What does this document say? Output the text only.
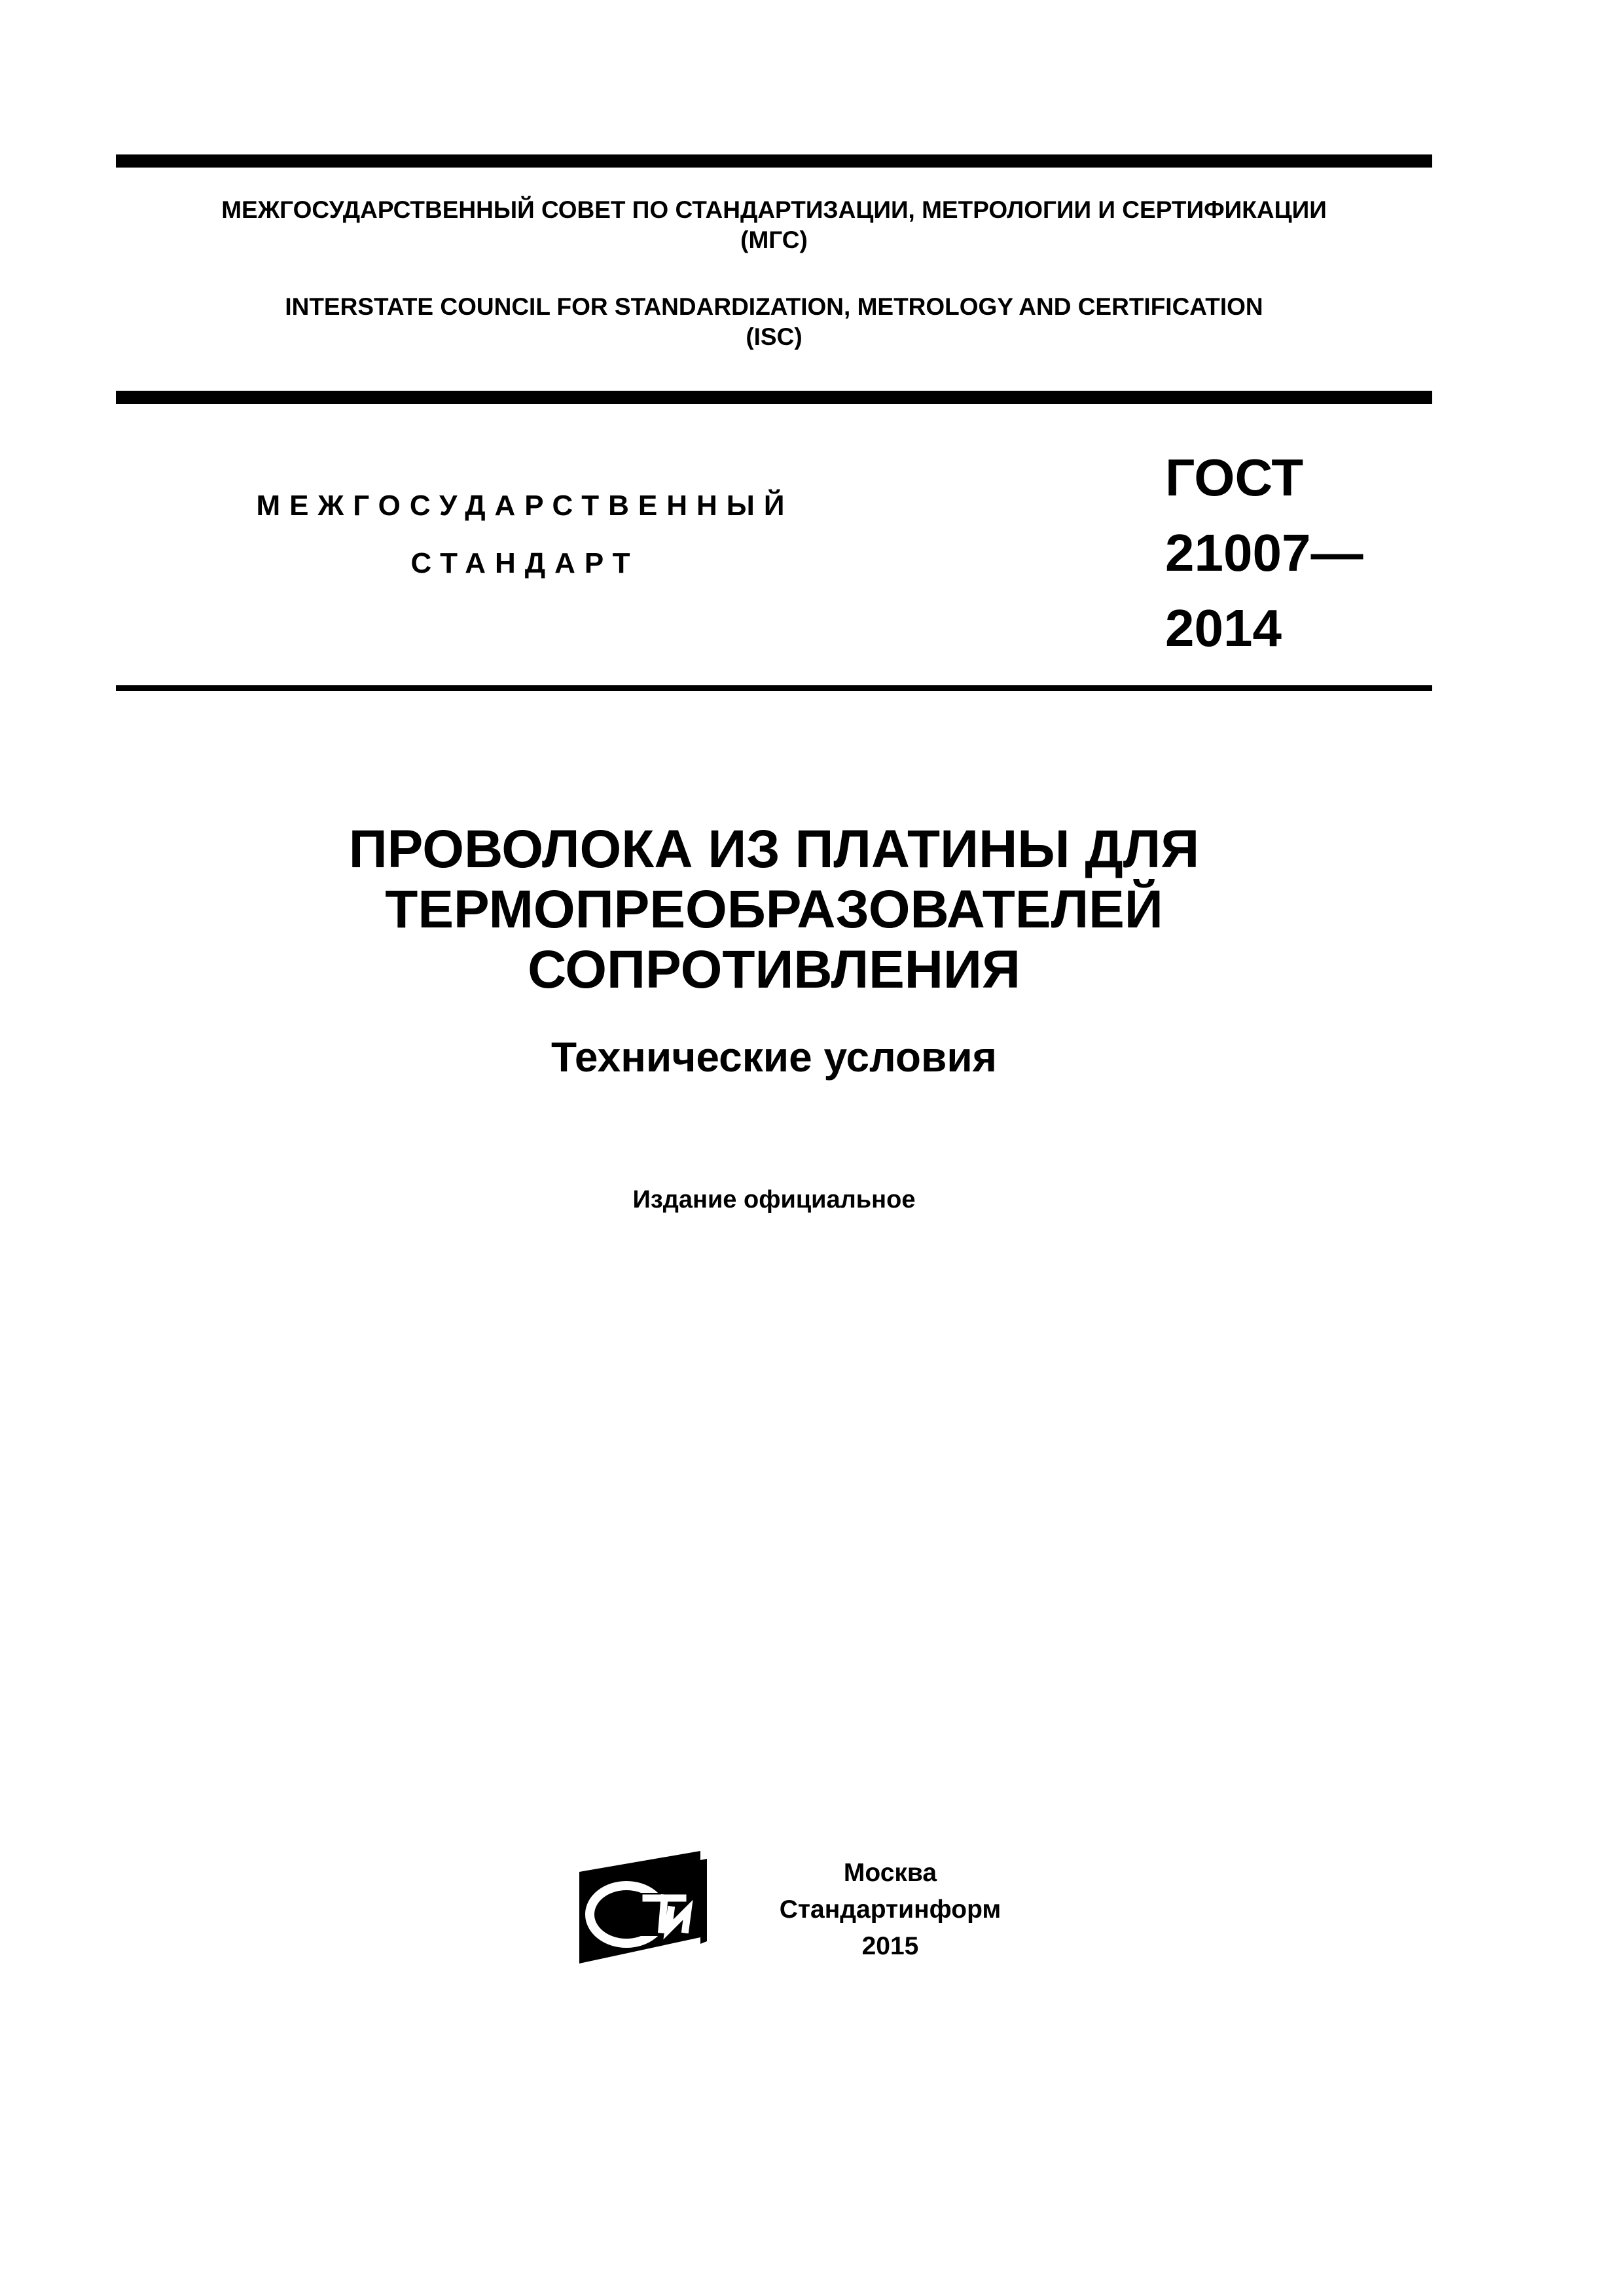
МЕЖГОСУДАРСТВЕННЫЙ СОВЕТ ПО СТАНДАРТИЗАЦИИ, МЕТРОЛОГИИ И СЕРТИФИКАЦИИ
(МГС)
INTERSTATE COUNCIL FOR STANDARDIZATION, METROLOGY AND CERTIFICATION
(ISC)
МЕЖГОСУДАРСТВЕННЫЙ
СТАНДАРТ
ГОСТ
21007—
2014
ПРОВОЛОКА ИЗ ПЛАТИНЫ ДЛЯ
ТЕРМОПРЕОБРАЗОВАТЕЛЕЙ
СОПРОТИВЛЕНИЯ
Технические условия
Издание официальное
Москва
Стандартинформ
2015
